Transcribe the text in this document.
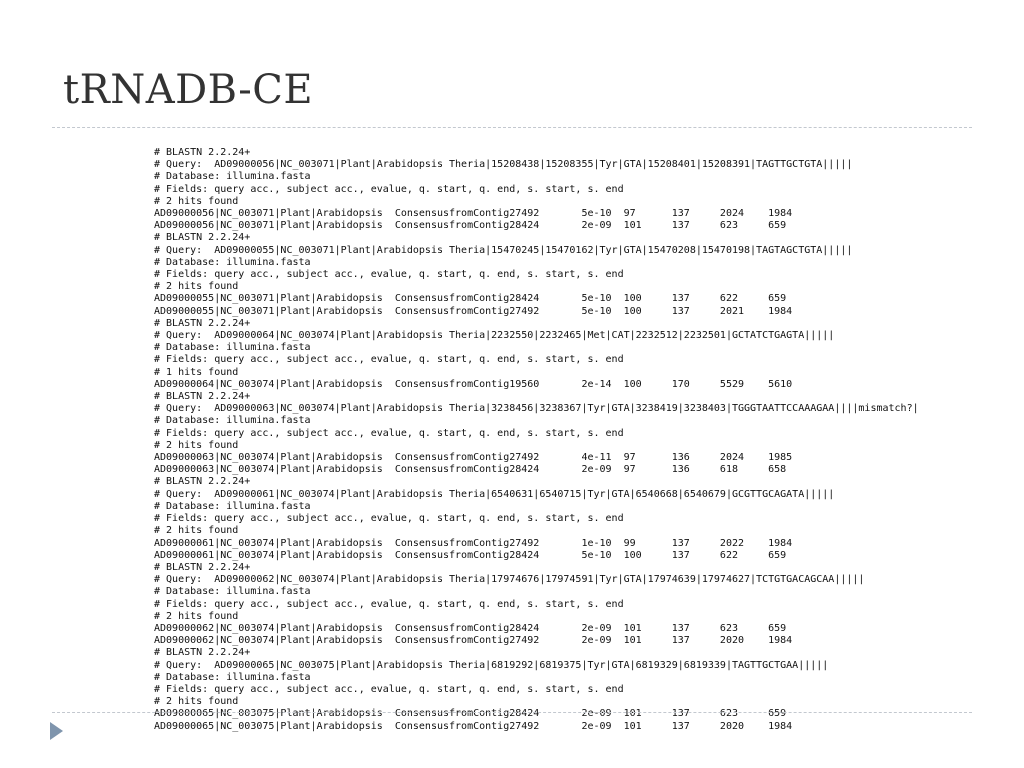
tRNADB-CE
# BLASTN 2.2.24+
# Query:  AD09000056|NC_003071|Plant|Arabidopsis Theria|15208438|15208355|Tyr|GTA|15208401|15208391|TAGTTGCTGTA|||||
# Database: illumina.fasta
# Fields: query acc., subject acc., evalue, q. start, q. end, s. start, s. end
# 2 hits found
AD09000056|NC_003071|Plant|Arabidopsis  ConsensusfromContig27492       5e-10  97      137     2024    1984
AD09000056|NC_003071|Plant|Arabidopsis  ConsensusfromContig28424       2e-09  101     137     623     659
# BLASTN 2.2.24+
# Query:  AD09000055|NC_003071|Plant|Arabidopsis Theria|15470245|15470162|Tyr|GTA|15470208|15470198|TAGTAGCTGTA|||||
# Database: illumina.fasta
# Fields: query acc., subject acc., evalue, q. start, q. end, s. start, s. end
# 2 hits found
AD09000055|NC_003071|Plant|Arabidopsis  ConsensusfromContig28424       5e-10  100     137     622     659
AD09000055|NC_003071|Plant|Arabidopsis  ConsensusfromContig27492       5e-10  100     137     2021    1984
# BLASTN 2.2.24+
# Query:  AD09000064|NC_003074|Plant|Arabidopsis Theria|2232550|2232465|Met|CAT|2232512|2232501|GCTATCTGAGTA|||||
# Database: illumina.fasta
# Fields: query acc., subject acc., evalue, q. start, q. end, s. start, s. end
# 1 hits found
AD09000064|NC_003074|Plant|Arabidopsis  ConsensusfromContig19560       2e-14  100     170     5529    5610
# BLASTN 2.2.24+
# Query:  AD09000063|NC_003074|Plant|Arabidopsis Theria|3238456|3238367|Tyr|GTA|3238419|3238403|TGGGTAATTCCAAAGAA||||mismatch?|
# Database: illumina.fasta
# Fields: query acc., subject acc., evalue, q. start, q. end, s. start, s. end
# 2 hits found
AD09000063|NC_003074|Plant|Arabidopsis  ConsensusfromContig27492       4e-11  97      136     2024    1985
AD09000063|NC_003074|Plant|Arabidopsis  ConsensusfromContig28424       2e-09  97      136     618     658
# BLASTN 2.2.24+
# Query:  AD09000061|NC_003074|Plant|Arabidopsis Theria|6540631|6540715|Tyr|GTA|6540668|6540679|GCGTTGCAGATA|||||
# Database: illumina.fasta
# Fields: query acc., subject acc., evalue, q. start, q. end, s. start, s. end
# 2 hits found
AD09000061|NC_003074|Plant|Arabidopsis  ConsensusfromContig27492       1e-10  99      137     2022    1984
AD09000061|NC_003074|Plant|Arabidopsis  ConsensusfromContig28424       5e-10  100     137     622     659
# BLASTN 2.2.24+
# Query:  AD09000062|NC_003074|Plant|Arabidopsis Theria|17974676|17974591|Tyr|GTA|17974639|17974627|TCTGTGACAGCAA|||||
# Database: illumina.fasta
# Fields: query acc., subject acc., evalue, q. start, q. end, s. start, s. end
# 2 hits found
AD09000062|NC_003074|Plant|Arabidopsis  ConsensusfromContig28424       2e-09  101     137     623     659
AD09000062|NC_003074|Plant|Arabidopsis  ConsensusfromContig27492       2e-09  101     137     2020    1984
# BLASTN 2.2.24+
# Query:  AD09000065|NC_003075|Plant|Arabidopsis Theria|6819292|6819375|Tyr|GTA|6819329|6819339|TAGTTGCTGAA|||||
# Database: illumina.fasta
# Fields: query acc., subject acc., evalue, q. start, q. end, s. start, s. end
# 2 hits found
AD09000065|NC_003075|Plant|Arabidopsis  ConsensusfromContig28424       2e-09  101     137     623     659
AD09000065|NC_003075|Plant|Arabidopsis  ConsensusfromContig27492       2e-09  101     137     2020    1984
